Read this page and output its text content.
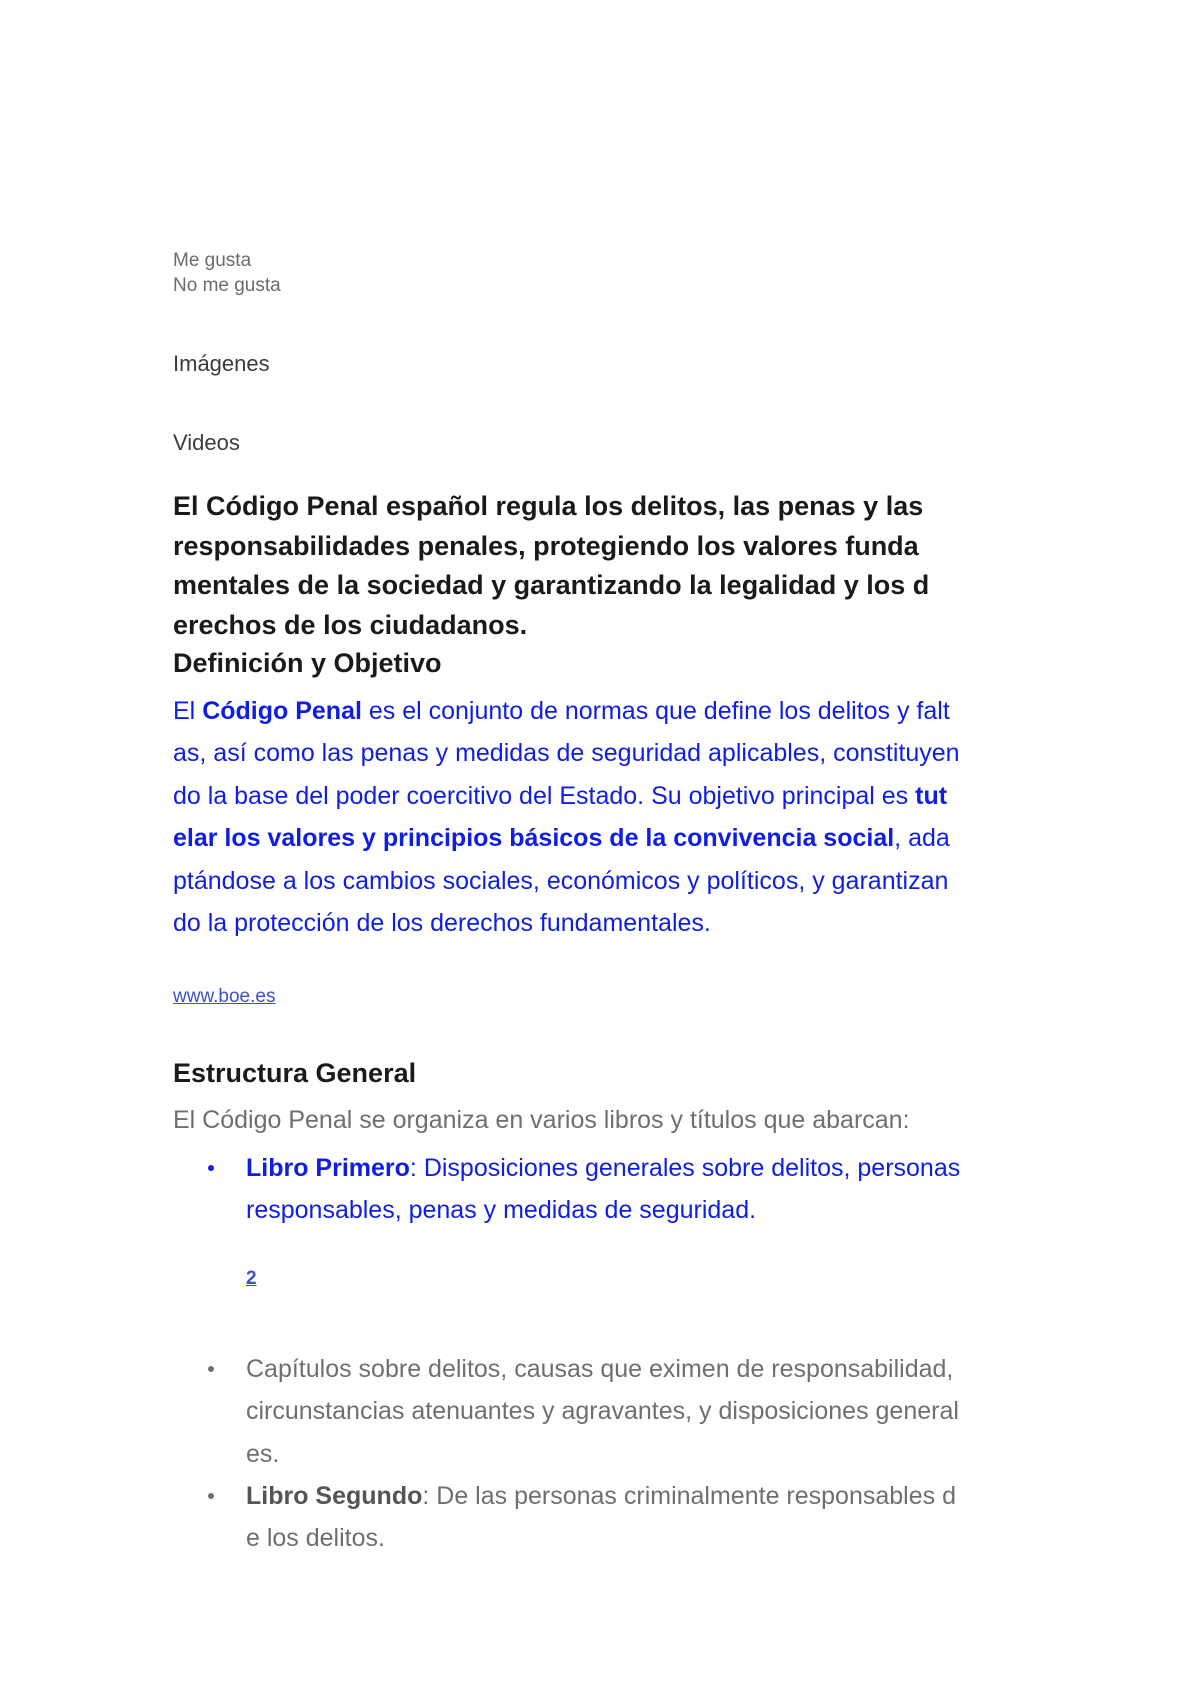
Me gusta
No me gusta
Imágenes
Videos
El Código Penal español regula los delitos, las penas y las
responsabilidades penales, protegiendo los valores funda
mentales de la sociedad y garantizando la legalidad y los d
erechos de los ciudadanos.
Definición y Objetivo
El Código Penal es el conjunto de normas que define los delitos y falt
as, así como las penas y medidas de seguridad aplicables, constituyen
do la base del poder coercitivo del Estado. Su objetivo principal es tut
elar los valores y principios básicos de la convivencia social, ada
ptándose a los cambios sociales, económicos y políticos, y garantizan
do la protección de los derechos fundamentales.
www.boe.es
Estructura General
El Código Penal se organiza en varios libros y títulos que abarcan:
Libro Primero: Disposiciones generales sobre delitos, personas
responsables, penas y medidas de seguridad.
2
Capítulos sobre delitos, causas que eximen de responsabilidad,
circunstancias atenuantes y agravantes, y disposiciones general
es.
Libro Segundo: De las personas criminalmente responsables d
e los delitos.
